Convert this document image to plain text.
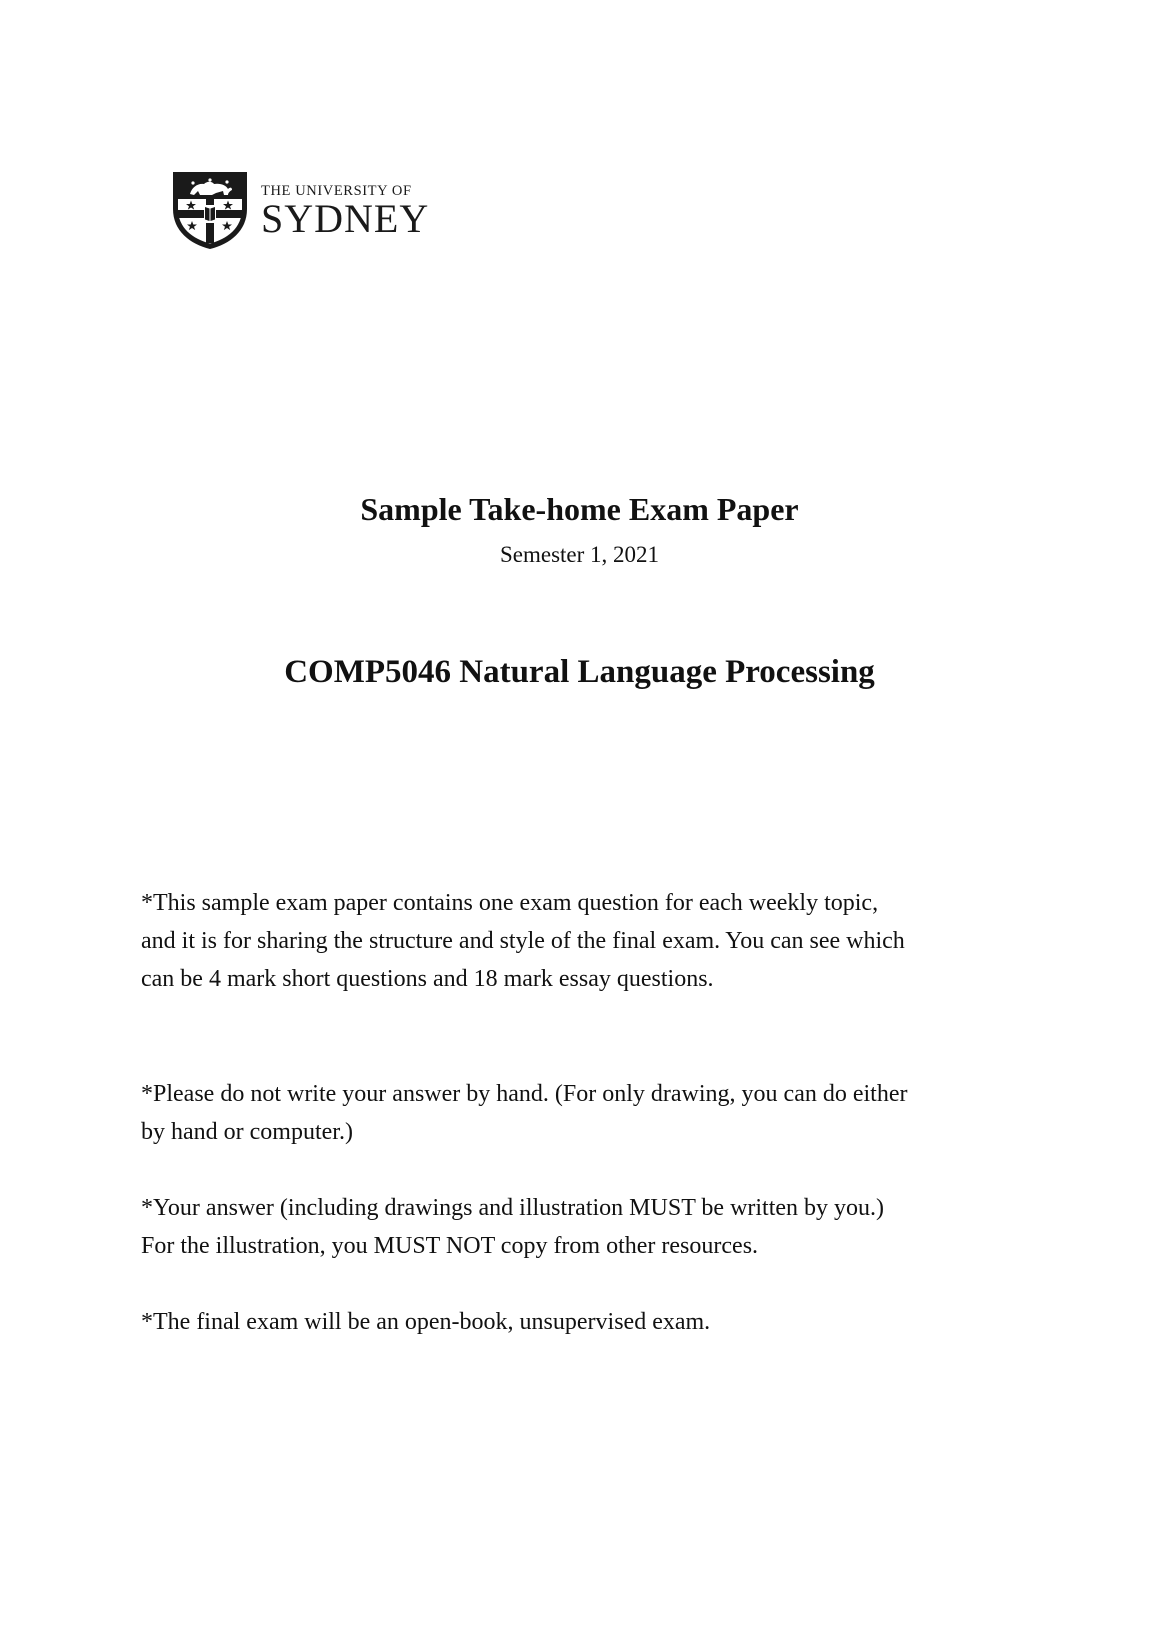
THE UNIVERSITY OF
SYDNEY
Sample Take-home Exam Paper
Semester 1, 2021
COMP5046 Natural Language Processing

*This sample exam paper contains one exam question for each weekly topic,
and it is for sharing the structure and style of the final exam. You can see which
can be 4 mark short questions and 18 mark essay questions.

*Please do not write your answer by hand. (For only drawing, you can do either
by hand or computer.)

*Your answer (including drawings and illustration MUST be written by you.)
For the illustration, you MUST NOT copy from other resources.

*The final exam will be an open-book, unsupervised exam.
